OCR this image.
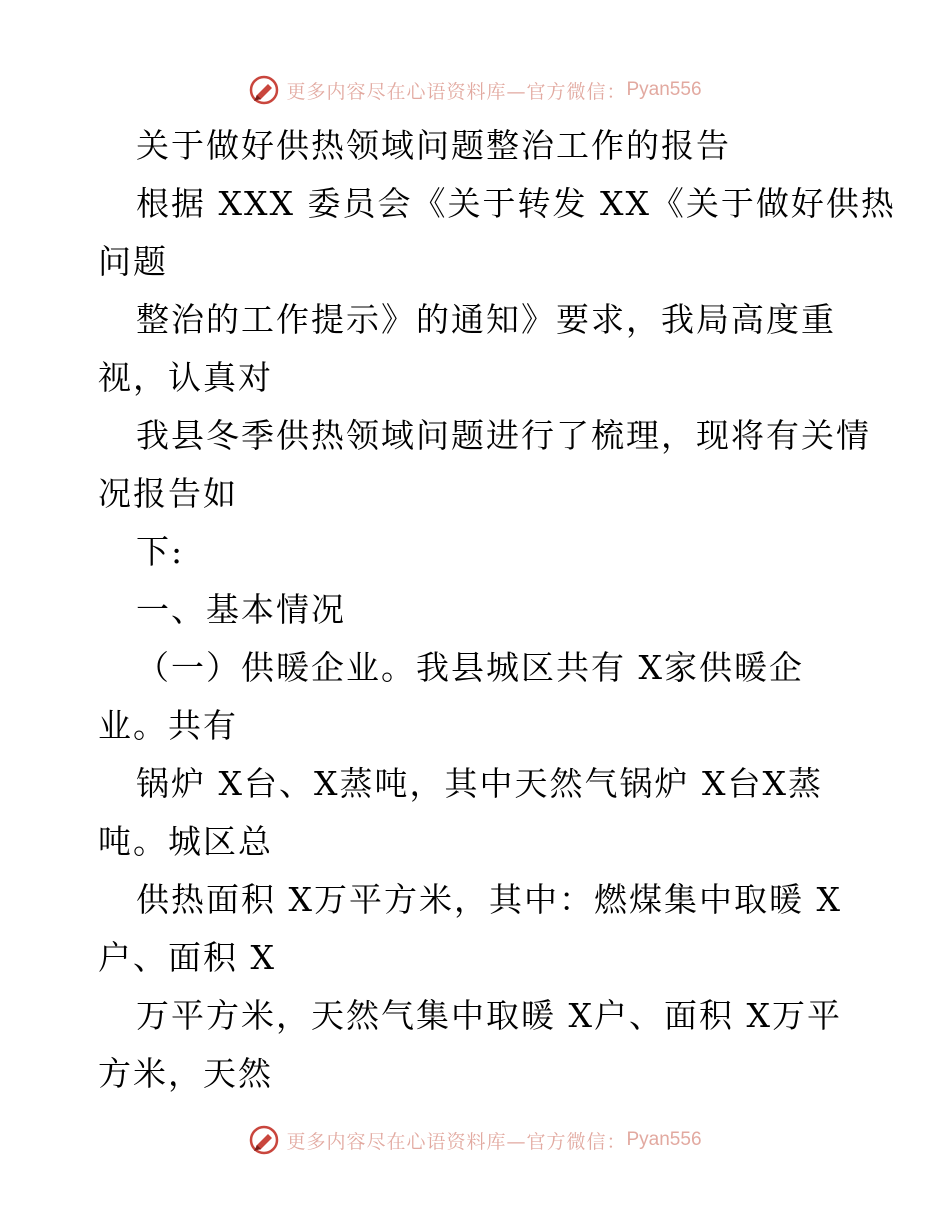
更多内容尽在心语资料库—官方微信： Pyan556
关于做好供热领域问题整治工作的报告
根据 XXX 委员会《关于转发 XX《关于做好供热
问题
整治的工作提示》的通知》要求，我局高度重
视，认真对
我县冬季供热领域问题进行了梳理，现将有关情
况报告如
下:
一、基本情况
（一）供暖企业。我县城区共有 X家供暖企
业。共有
锅炉 X台、X蒸吨，其中天然气锅炉 X台X蒸
吨。城区总
供热面积 X万平方米，其中：燃煤集中取暖 X
户、面积 X
万平方米，天然气集中取暖 X户、面积 X万平
方米，天然
更多内容尽在心语资料库—官方微信： Pyan556
